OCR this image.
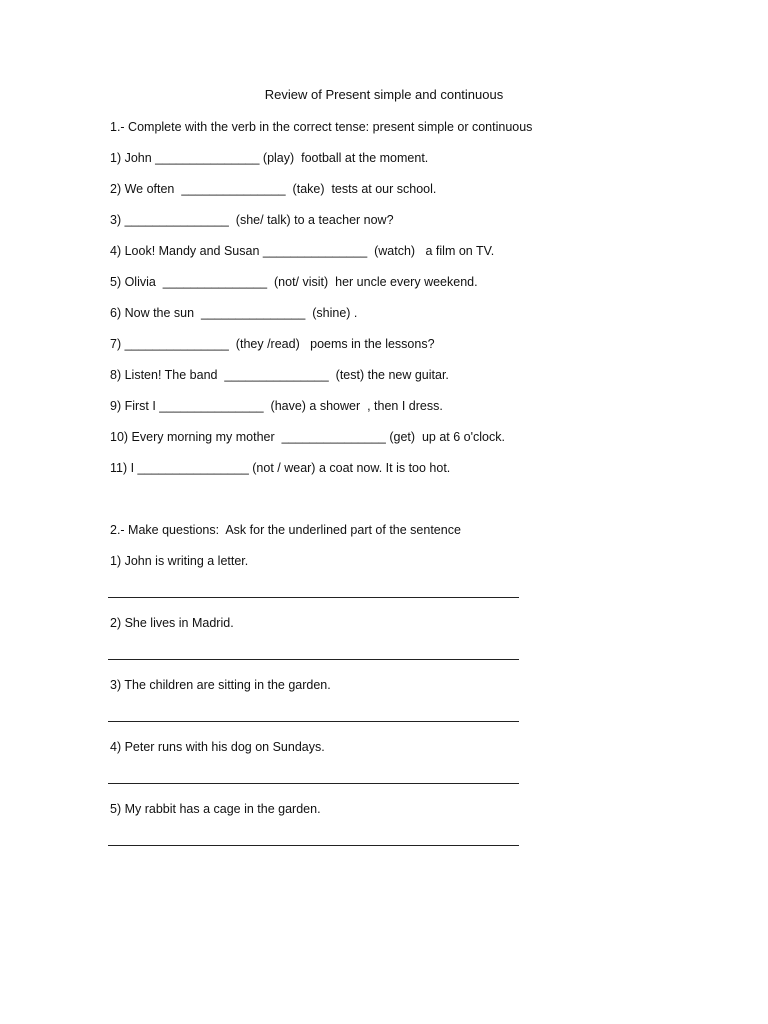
Review of Present simple and continuous
1.- Complete with the verb in the correct tense: present simple or continuous
1) John _______________ (play)  football at the moment.
2) We often  _______________  (take)  tests at our school.
3) _______________  (she/ talk) to a teacher now?
4) Look! Mandy and Susan _______________  (watch)   a film on TV.
5) Olivia  _______________  (not/ visit)  her uncle every weekend.
6) Now the sun  _______________  (shine) .
7) _______________  (they /read)   poems in the lessons?
8) Listen! The band  _______________  (test) the new guitar.
9) First I _______________  (have) a shower  , then I dress.
10) Every morning my mother  _______________ (get)  up at 6 o'clock.
11) I ________________ (not / wear) a coat now. It is too hot.
2.- Make questions:  Ask for the underlined part of the sentence
1) John is writing a letter.
2) She lives in Madrid.
3) The children are sitting in the garden.
4) Peter runs with his dog on Sundays.
5) My rabbit has a cage in the garden.
